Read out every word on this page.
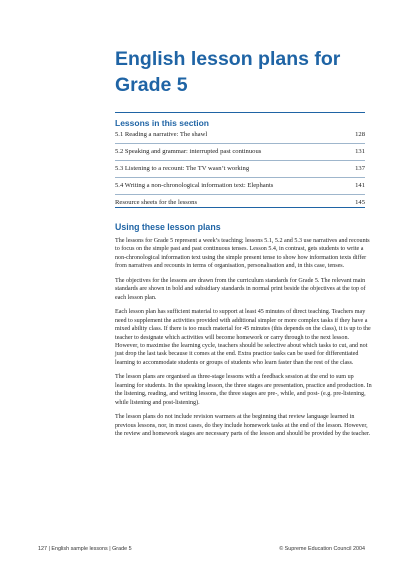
English lesson plans for Grade 5
Lessons in this section
5.1 Reading a narrative: The shawl	128
5.2 Speaking and grammar: interrupted past continuous	131
5.3 Listening to a recount: The TV wasn’t working	137
5.4 Writing a non-chronological information text: Elephants	141
Resource sheets for the lessons	145
Using these lesson plans

The lessons for Grade 5 represent a week’s teaching; lessons 5.1, 5.2 and 5.3 use narratives and recounts to focus on the simple past and past continuous tenses. Lesson 5.4, in contrast, gets students to write a non-chronological information text using the simple present tense to show how information texts differ from narratives and recounts in terms of organisation, personalisation and, in this case, tenses.

The objectives for the lessons are drawn from the curriculum standards for Grade 5. The relevant main standards are shown in bold and subsidiary standards in normal print beside the objectives at the top of each lesson plan.

Each lesson plan has sufficient material to support at least 45 minutes of direct teaching. Teachers may need to supplement the activities provided with additional simpler or more complex tasks if they have a mixed ability class. If there is too much material for 45 minutes (this depends on the class), it is up to the teacher to designate which activities will become homework or carry through to the next lesson. However, to maximise the learning cycle, teachers should be selective about which tasks to cut, and not just drop the last task because it comes at the end. Extra practice tasks can be used for differentiated learning to accommodate students or groups of students who learn faster than the rest of the class.

The lesson plans are organised as three-stage lessons with a feedback session at the end to sum up learning for students. In the speaking lesson, the three stages are presentation, practice and production. In the listening, reading, and writing lessons, the three stages are pre-, while, and post- (e.g. pre-listening, while listening and post-listening).

The lesson plans do not include revision warmers at the beginning that review language learned in previous lessons, nor, in most cases, do they include homework tasks at the end of the lesson. However, the review and homework stages are necessary parts of the lesson and should be provided by the teacher.

127 | English sample lessons | Grade 5	© Supreme Education Council 2004
